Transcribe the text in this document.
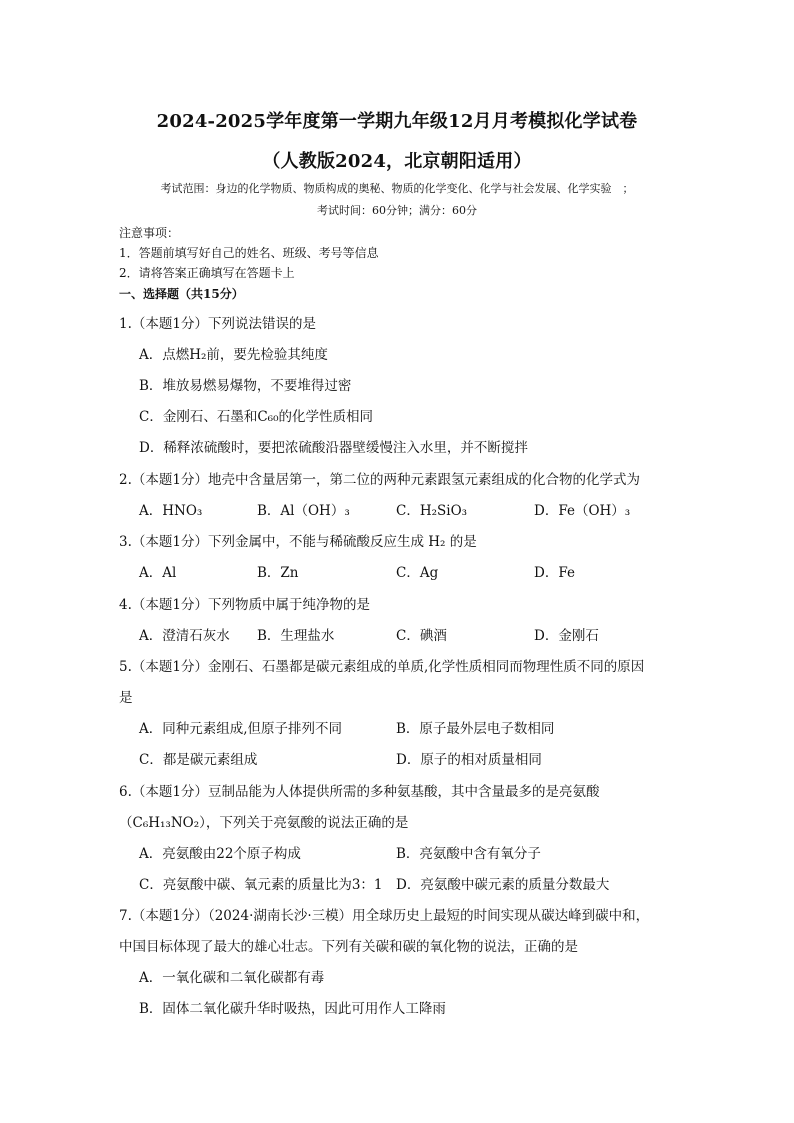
2024-2025学年度第一学期九年级12月月考模拟化学试卷
（人教版2024，北京朝阳适用）
考试范围：身边的化学物质、物质构成的奥秘、物质的化学变化、化学与社会发展、化学实验　；
考试时间：60分钟；满分：60分
注意事项：
1．答题前填写好自己的姓名、班级、考号等信息
2．请将答案正确填写在答题卡上
一、选择题（共15分）
1.（本题1分）下列说法错误的是
A．点燃H₂前，要先检验其纯度
B．堆放易燃易爆物，不要堆得过密
C．金刚石、石墨和C₆₀的化学性质相同
D．稀释浓硫酸时，要把浓硫酸沿器壁缓慢注入水里，并不断搅拌
2.（本题1分）地壳中含量居第一，第二位的两种元素跟氢元素组成的化合物的化学式为
A．HNO₃	B．Al（OH）₃	C．H₂SiO₃	D．Fe（OH）₃
3.（本题1分）下列金属中，不能与稀硫酸反应生成 H₂ 的是
A．Al	B．Zn	C．Ag	D．Fe
4.（本题1分）下列物质中属于纯净物的是
A．澄清石灰水 B．生理盐水	C．碘酒	D．金刚石
5.（本题1分）金刚石、石墨都是碳元素组成的单质,化学性质相同而物理性质不同的原因
是
A．同种元素组成,但原子排列不同	B．原子最外层电子数相同
C．都是碳元素组成	D．原子的相对质量相同
6.（本题1分）豆制品能为人体提供所需的多种氨基酸，其中含量最多的是亮氨酸
（C₆H₁₃NO₂），下列关于亮氨酸的说法正确的是
A．亮氨酸由22个原子构成	B．亮氨酸中含有氧分子
C．亮氨酸中碳、氧元素的质量比为3：1 D．亮氨酸中碳元素的质量分数最大
7.（本题1分）（2024·湖南长沙·三模）用全球历史上最短的时间实现从碳达峰到碳中和，
中国目标体现了最大的雄心壮志。下列有关碳和碳的氧化物的说法，正确的是
A．一氧化碳和二氧化碳都有毒
B．固体二氧化碳升华时吸热，因此可用作人工降雨
